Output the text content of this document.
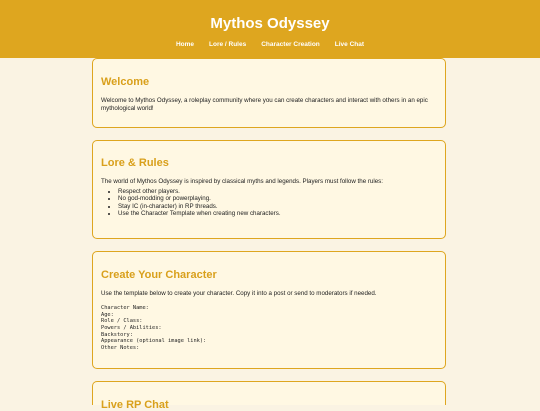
Mythos Odyssey
Home Lore / Rules Character Creation Live Chat
Welcome

Welcome to Mythos Odyssey, a roleplay community where you can create characters and interact with others in an epic mythological world!

Lore & Rules

The world of Mythos Odyssey is inspired by classical myths and legends. Players must follow the rules:

• Respect other players.
• No god-modding or powerplaying.
• Stay IC (in-character) in RP threads.
• Use the Character Template when creating new characters.
Create Your Character

Use the template below to create your character. Copy it into a post or send to moderators if needed.

Character Name:
Age:
Role / Class:
Powers / Abilities:
Backstory:
Appearance (optional image link):
Other Notes:
Live RP Chat
